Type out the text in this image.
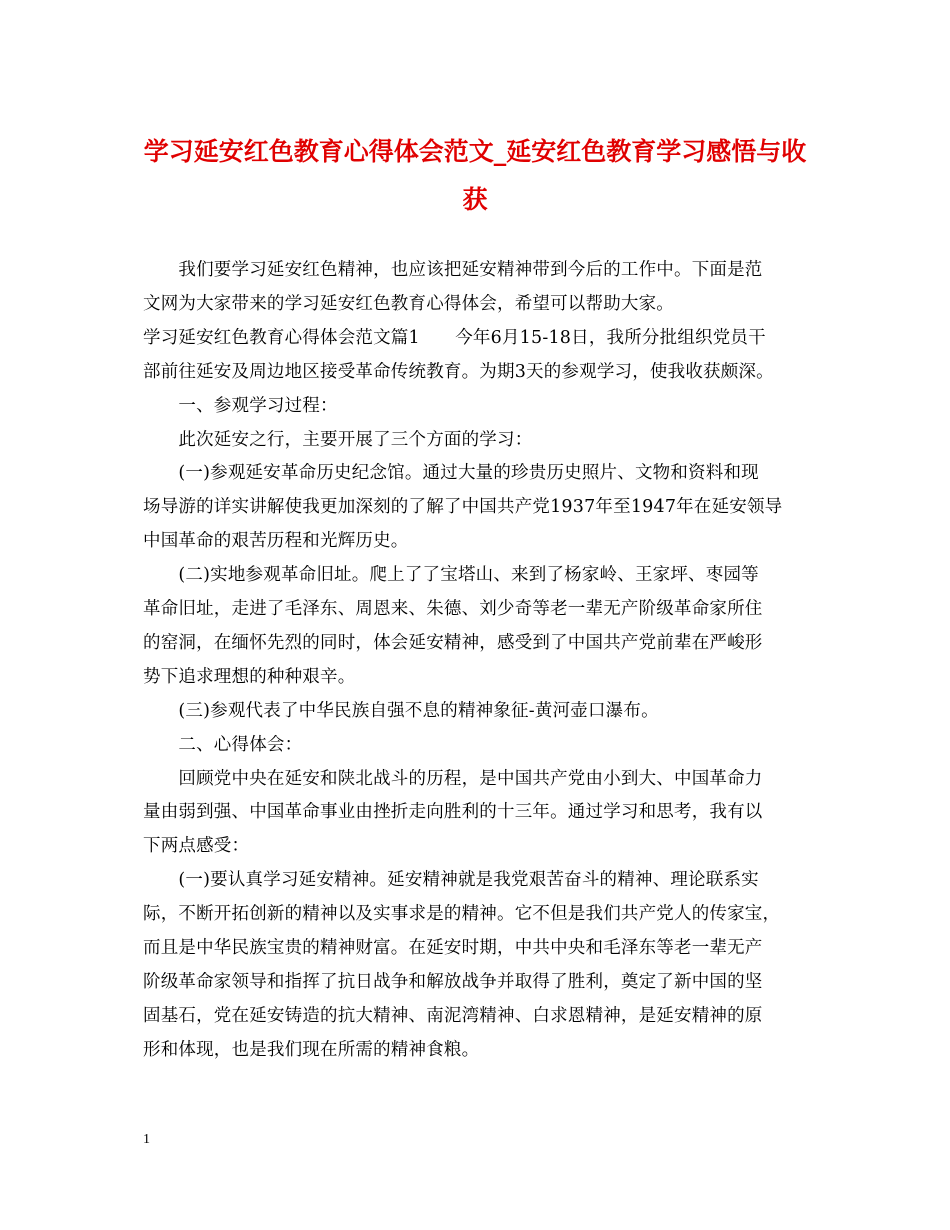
学习延安红色教育心得体会范文_延安红色教育学习感悟与收
获
　　我们要学习延安红色精神，也应该把延安精神带到今后的工作中。下面是范
文网为大家带来的学习延安红色教育心得体会，希望可以帮助大家。
学习延安红色教育心得体会范文篇1　　今年6月15-18日，我所分批组织党员干
部前往延安及周边地区接受革命传统教育。为期3天的参观学习，使我收获颇深。
　　一、参观学习过程：
　　此次延安之行，主要开展了三个方面的学习：
　　(一)参观延安革命历史纪念馆。通过大量的珍贵历史照片、文物和资料和现
场导游的详实讲解使我更加深刻的了解了中国共产党1937年至1947年在延安领导
中国革命的艰苦历程和光辉历史。
　　(二)实地参观革命旧址。爬上了了宝塔山、来到了杨家岭、王家坪、枣园等
革命旧址，走进了毛泽东、周恩来、朱德、刘少奇等老一辈无产阶级革命家所住
的窑洞，在缅怀先烈的同时，体会延安精神，感受到了中国共产党前辈在严峻形
势下追求理想的种种艰辛。
　　(三)参观代表了中华民族自强不息的精神象征-黄河壶口瀑布。
　　二、心得体会：
　　回顾党中央在延安和陕北战斗的历程，是中国共产党由小到大、中国革命力
量由弱到强、中国革命事业由挫折走向胜利的十三年。通过学习和思考，我有以
下两点感受：
　　(一)要认真学习延安精神。延安精神就是我党艰苦奋斗的精神、理论联系实
际，不断开拓创新的精神以及实事求是的精神。它不但是我们共产党人的传家宝，
而且是中华民族宝贵的精神财富。在延安时期，中共中央和毛泽东等老一辈无产
阶级革命家领导和指挥了抗日战争和解放战争并取得了胜利，奠定了新中国的坚
固基石，党在延安铸造的抗大精神、南泥湾精神、白求恩精神，是延安精神的原
形和体现，也是我们现在所需的精神食粮。
1
